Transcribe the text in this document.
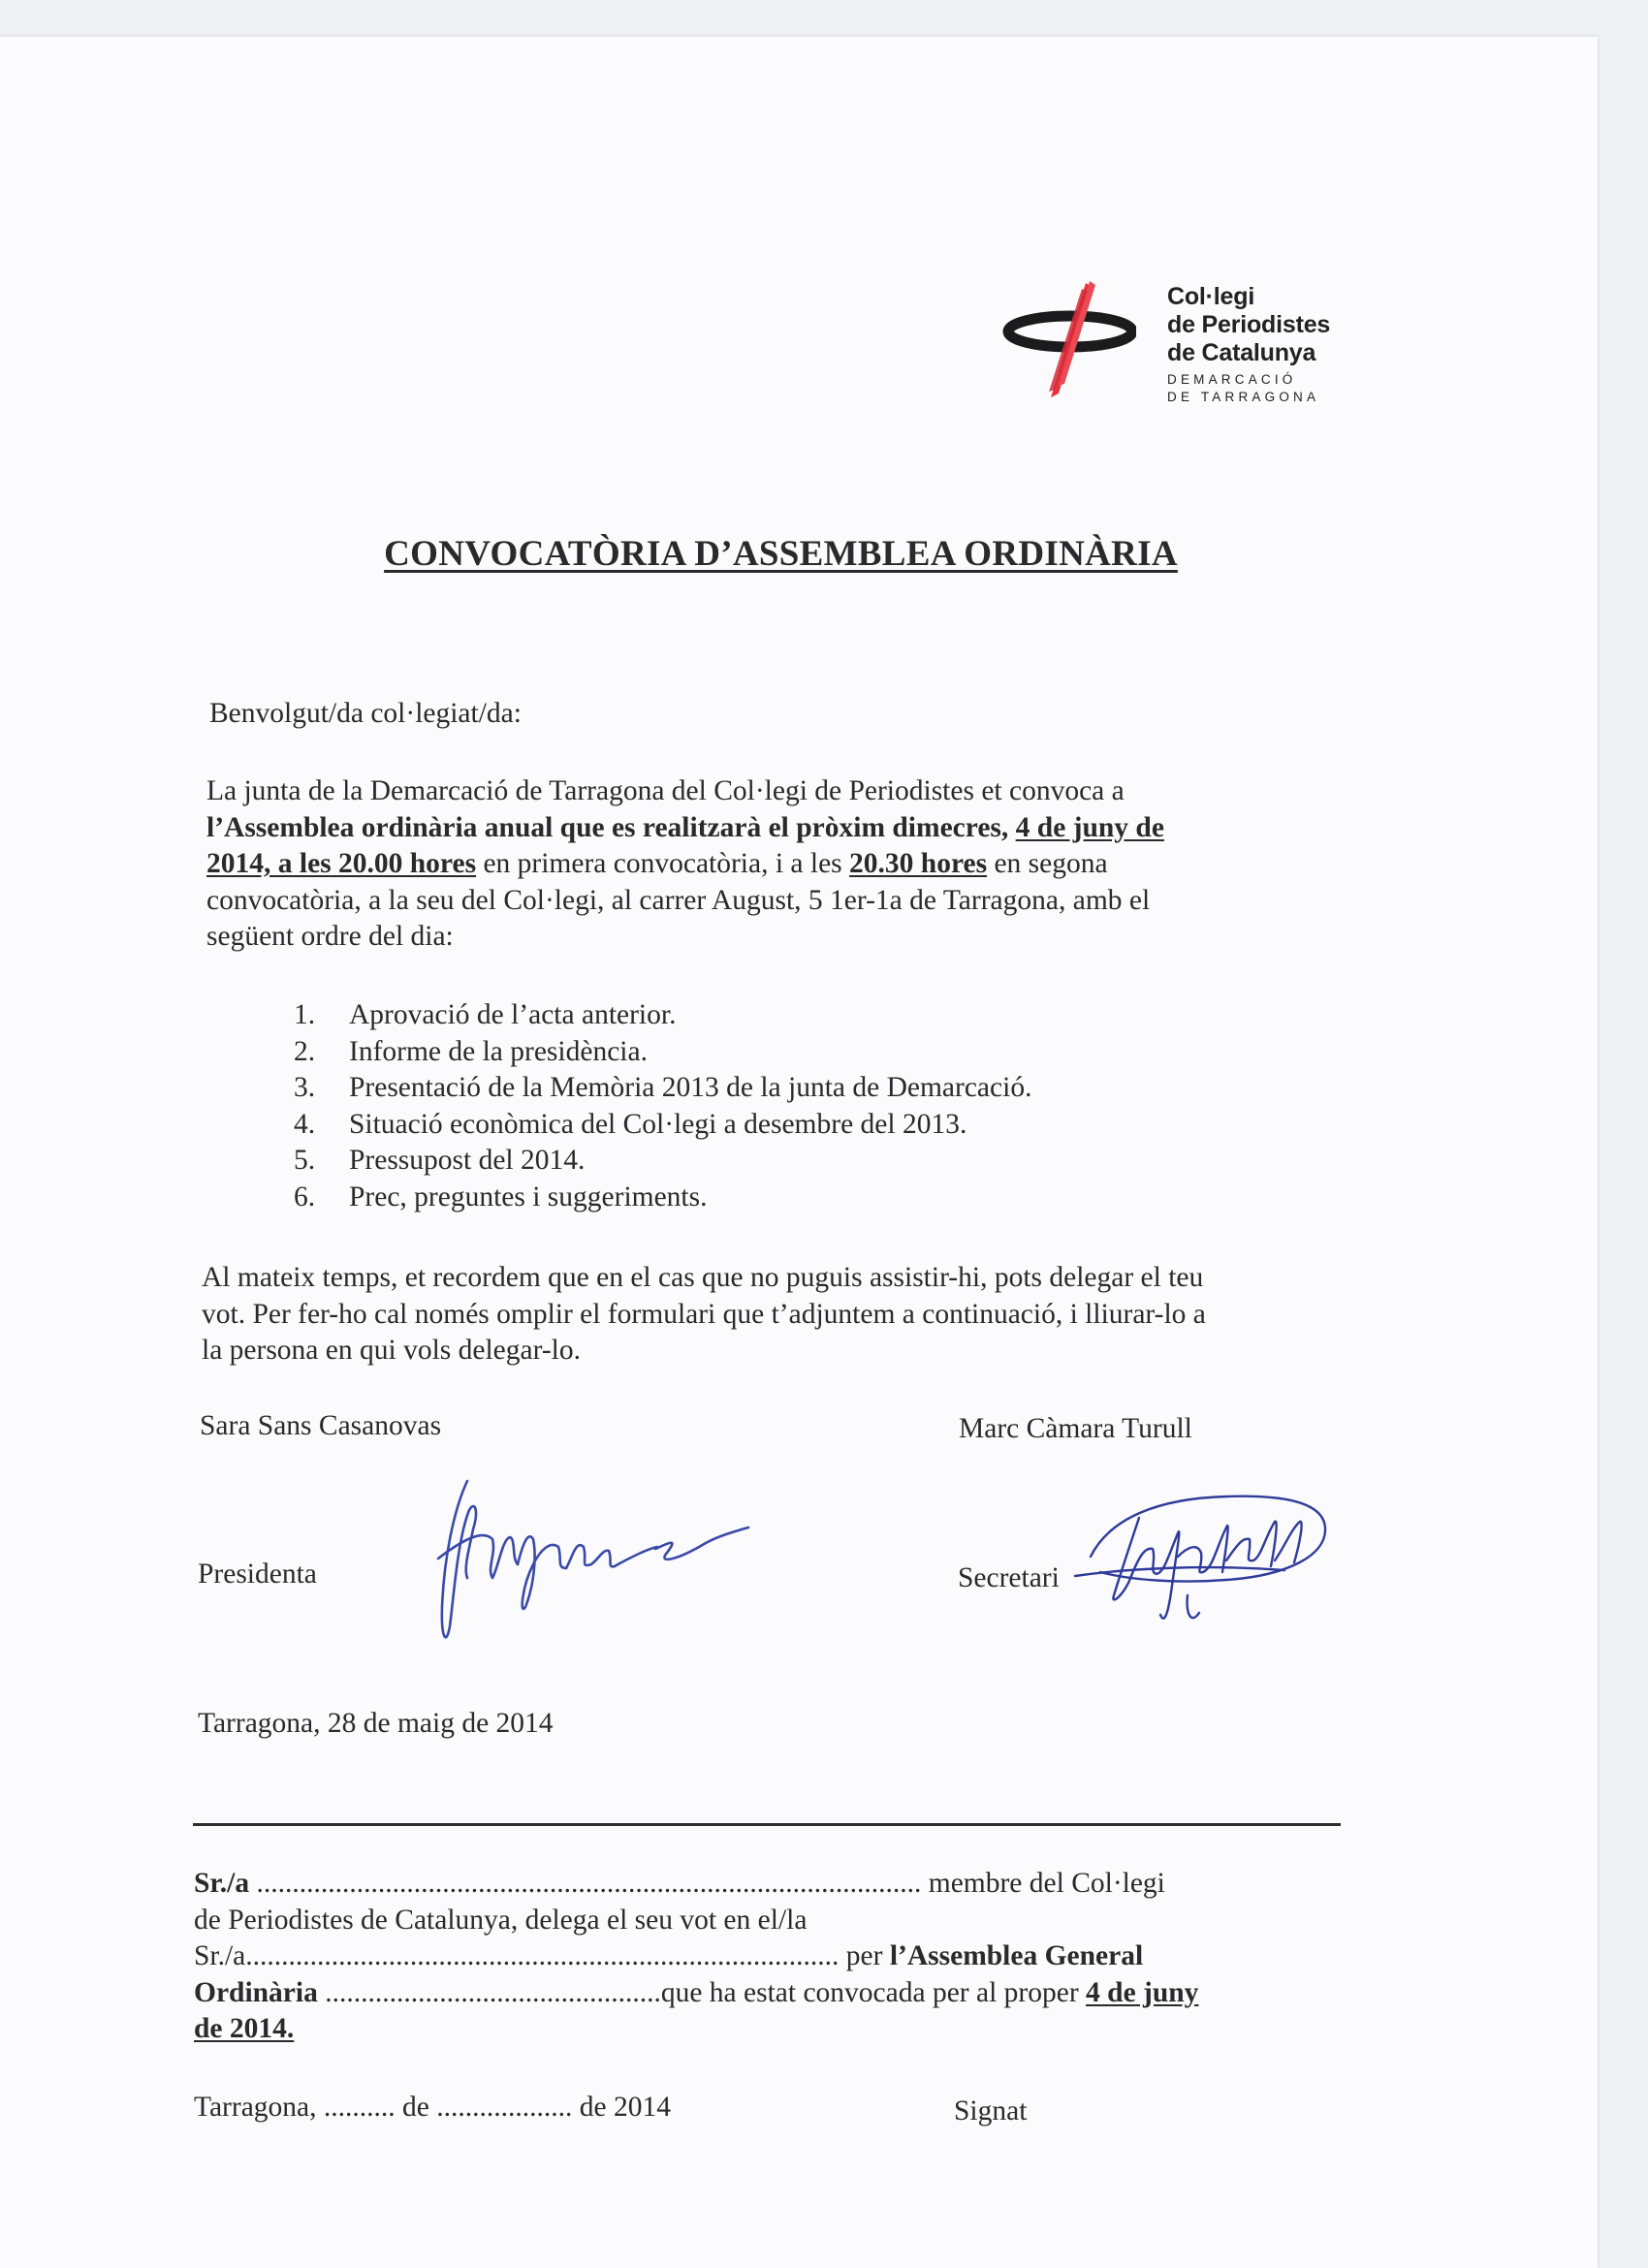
Col·legi
de Periodistes
de Catalunya
DEMARCACIÓ
DE TARRAGONA
CONVOCATÒRIA D’ASSEMBLEA ORDINÀRIA
Benvolgut/da col·legiat/da:
La junta de la Demarcació de Tarragona del Col·legi de Periodistes et convoca a
l’Assemblea ordinària anual que es realitzarà el pròxim dimecres, 4 de juny de
2014, a les 20.00 hores en primera convocatòria, i a les 20.30 hores en segona
convocatòria, a la seu del Col·legi, al carrer August, 5 1er-1a de Tarragona, amb el
següent ordre del dia:
1. Aprovació de l’acta anterior.
2. Informe de la presidència.
3. Presentació de la Memòria 2013 de la junta de Demarcació.
4. Situació econòmica del Col·legi a desembre del 2013.
5. Pressupost del 2014.
6. Prec, preguntes i suggeriments.
Al mateix temps, et recordem que en el cas que no puguis assistir-hi, pots delegar el teu
vot. Per fer-ho cal només omplir el formulari que t’adjuntem a continuació, i lliurar-lo a
la persona en qui vols delegar-lo.
Sara Sans Casanovas	Marc Càmara Turull
Presidenta	Secretari
Tarragona, 28 de maig de 2014
Sr./a ............................................................................................. membre del Col·legi
de Periodistes de Catalunya, delega el seu vot en el/la
Sr./a................................................................................... per l’Assemblea General
Ordinària ...............................................que ha estat convocada per al proper 4 de juny
de 2014.
Tarragona, .......... de ................... de 2014	Signat
